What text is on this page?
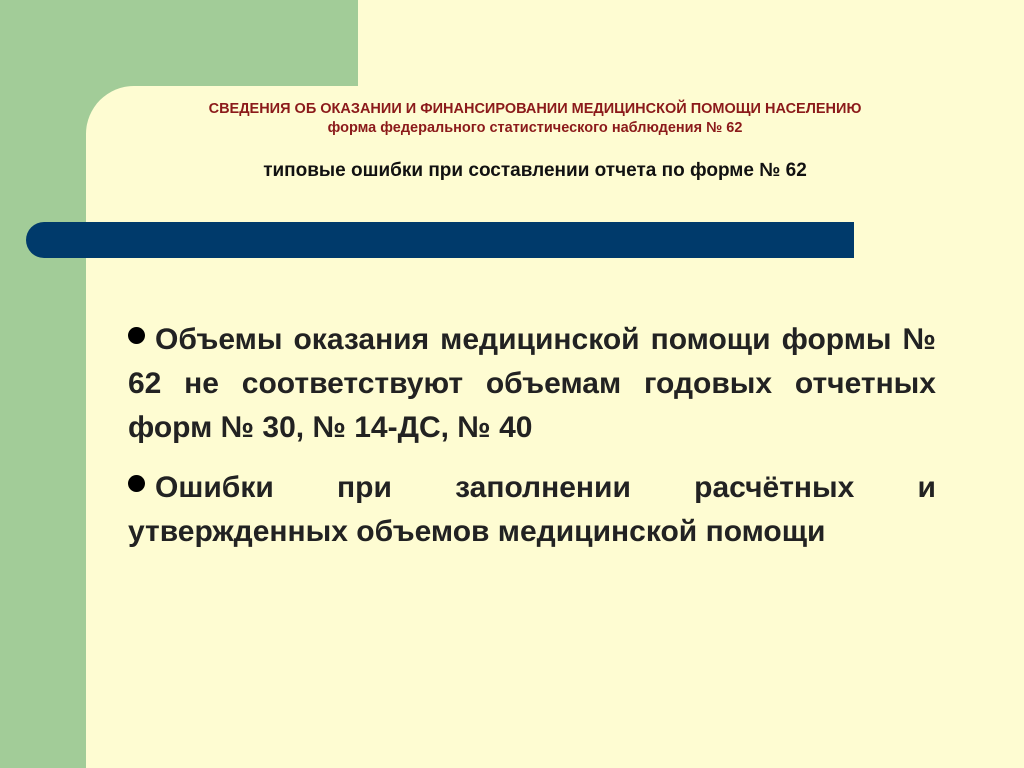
СВЕДЕНИЯ ОБ ОКАЗАНИИ И ФИНАНСИРОВАНИИ МЕДИЦИНСКОЙ ПОМОЩИ НАСЕЛЕНИЮ
форма федерального статистического наблюдения № 62
типовые ошибки при составлении отчета по форме № 62
Объемы оказания медицинской помощи формы № 62 не соответствуют объемам годовых отчетных форм № 30, № 14-ДС, № 40
Ошибки при заполнении расчётных и утвержденных объемов медицинской помощи
